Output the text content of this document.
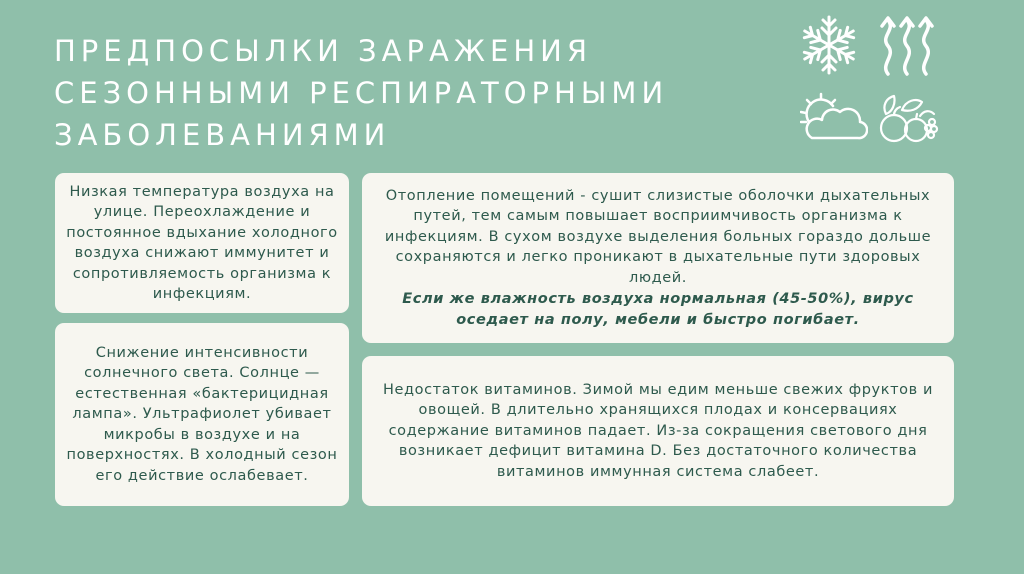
ПРЕДПОСЫЛКИ ЗАРАЖЕНИЯ
СЕЗОННЫМИ РЕСПИРАТОРНЫМИ
ЗАБОЛЕВАНИЯМИ

Низкая температура воздуха на улице. Переохлаждение и постоянное вдыхание холодного воздуха снижают иммунитет и сопротивляемость организма к инфекциям.

Снижение интенсивности солнечного света. Солнце — естественная «бактерицидная лампа». Ультрафиолет убивает микробы в воздухе и на поверхностях. В холодный сезон его действие ослабевает.

Отопление помещений - сушит слизистые оболочки дыхательных путей, тем самым повышает восприимчивость организма к инфекциям. В сухом воздухе выделения больных гораздо дольше сохраняются и легко проникают в дыхательные пути здоровых людей.

Если же влажность воздуха нормальная (45-50%), вирус оседает на полу, мебели и быстро погибает.

Недостаток витаминов. Зимой мы едим меньше свежих фруктов и овощей. В длительно хранящихся плодах и консервациях содержание витаминов падает. Из-за сокращения светового дня возникает дефицит витамина D. Без достаточного количества витаминов иммунная система слабеет.
